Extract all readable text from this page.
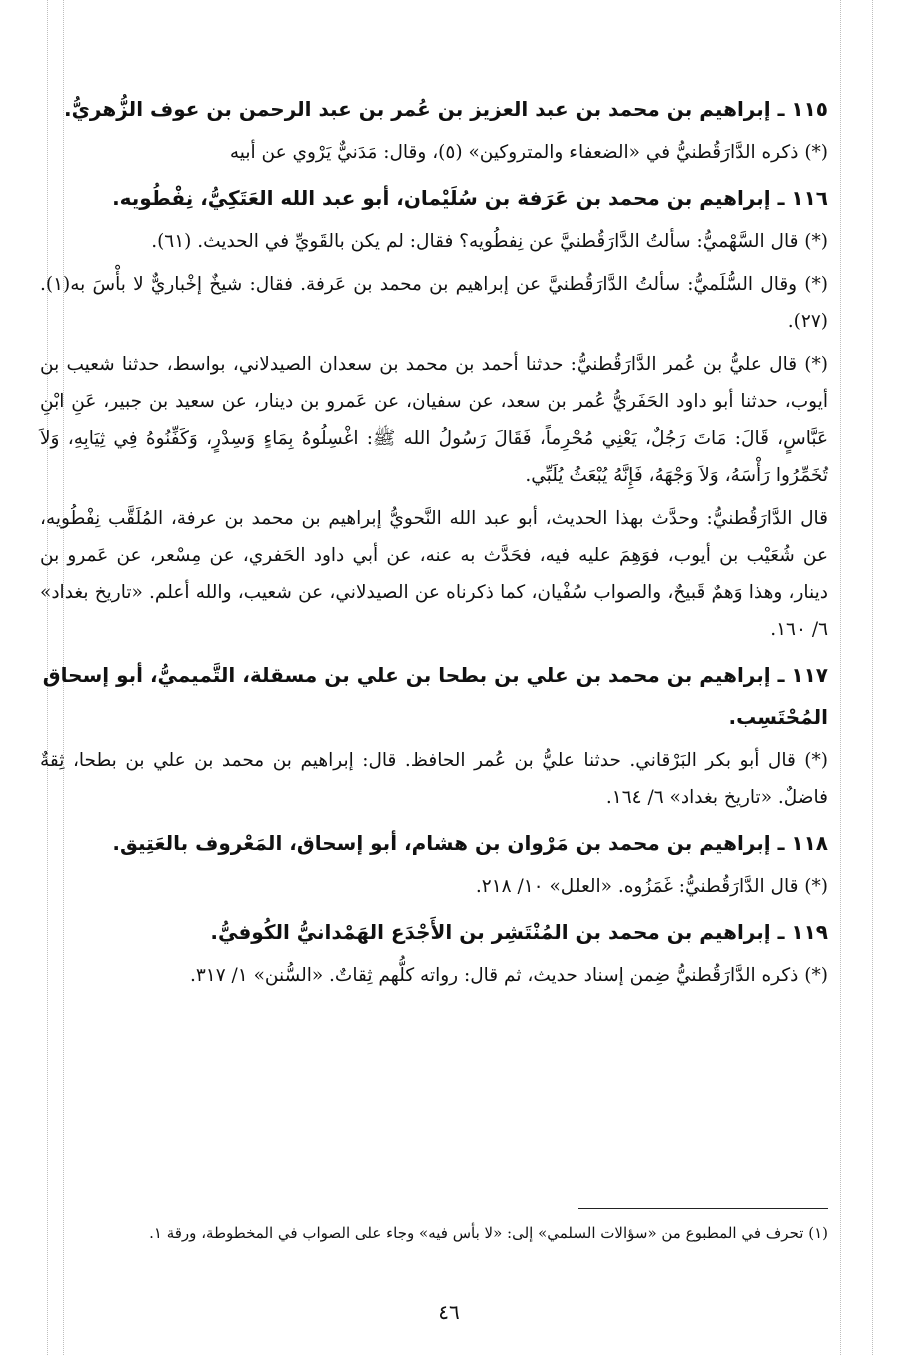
١١٥ ـ إبراهيم بن محمد بن عبد العزيز بن عُمر بن عبد الرحمن بن عوف الزُّهريُّ.

(*) ذكره الدَّارَقُطنيُّ في «الضعفاء والمتروكين» (٥)، وقال: مَدَنيٌّ يَرْوي عن أبيه

١١٦ ـ إبراهيم بن محمد بن عَرَفة بن سُلَيْمان، أبو عبد الله العَتَكِيُّ، نِفْطُويه.

(*) قال السَّهْميُّ: سألتُ الدَّارَقُطنيَّ عن نِفطُويه؟ فقال: لم يكن بالقَويِّ في الحديث. (٦١).

(*) وقال السُّلَميُّ: سألتُ الدَّارَقُطنيَّ عن إبراهيم بن محمد بن عَرفة. فقال: شيخٌ إخْباريٌّ لا بأْسَ به(١). (٢٧).

(*) قال عليُّ بن عُمر الدَّارَقُطنيُّ: حدثنا أحمد بن محمد بن سعدان الصيدلاني، بواسط، حدثنا شعيب بن أيوب، حدثنا أبو داود الحَفَريُّ عُمر بن سعد، عن سفيان، عن عَمرو بن دينار، عن سعيد بن جبير، عَنِ ابْنِ عَبَّاسٍ، قَالَ: مَاتَ رَجُلٌ، يَعْنِي مُحْرِماً، فَقَالَ رَسُولُ الله ﷺ: اغْسِلُوهُ بِمَاءٍ وَسِدْرٍ، وَكَفِّنُوهُ فِي ثِيَابِهِ، وَلاَ تُخَمِّرُوا رَأْسَهُ، وَلاَ وَجْهَهُ، فَإِنَّهُ يُبْعَثُ يُلَبِّي.

قال الدَّارَقُطنيُّ: وحدَّث بهذا الحديث، أبو عبد الله النَّحويُّ إبراهيم بن محمد بن عرفة، المُلَقَّب نِفْطُويه، عن شُعَيْب بن أيوب، فوَهِمَ عليه فيه، فحَدَّث به عنه، عن أبي داود الحَفري، عن مِسْعر، عن عَمرو بن دينار، وهذا وَهمٌ قَبيحٌ، والصواب سُفْيان، كما ذكرناه عن الصيدلاني، عن شعيب، والله أعلم. «تاريخ بغداد» ٦/ ١٦٠.

١١٧ ـ إبراهيم بن محمد بن علي بن بطحا بن علي بن مسقلة، التَّميميُّ، أبو إسحاق المُحْتَسِب.

(*) قال أبو بكر البَرْقاني. حدثنا عليُّ بن عُمر الحافظ. قال: إبراهيم بن محمد بن علي بن بطحا، ثِقةٌ فاضلٌ. «تاريخ بغداد» ٦/ ١٦٤.

١١٨ ـ إبراهيم بن محمد بن مَرْوان بن هشام، أبو إسحاق، المَعْروف بالعَتِيق.

(*) قال الدَّارَقُطنيُّ: غَمَزُوه. «العلل» ١٠/ ٢١٨.

١١٩ ـ إبراهيم بن محمد بن المُنْتَشِر بن الأَجْدَع الهَمْدانيُّ الكُوفيُّ.

(*) ذكره الدَّارَقُطنيُّ ضِمن إسناد حديث، ثم قال: رواته كلُّهم ثِقاتٌ. «السُّنن» ١/ ٣١٧.

(١) تحرف في المطبوع من «سؤالات السلمي» إلى: «لا بأس فيه» وجاء على الصواب في المخطوطة، ورقة ١.
٤٦
